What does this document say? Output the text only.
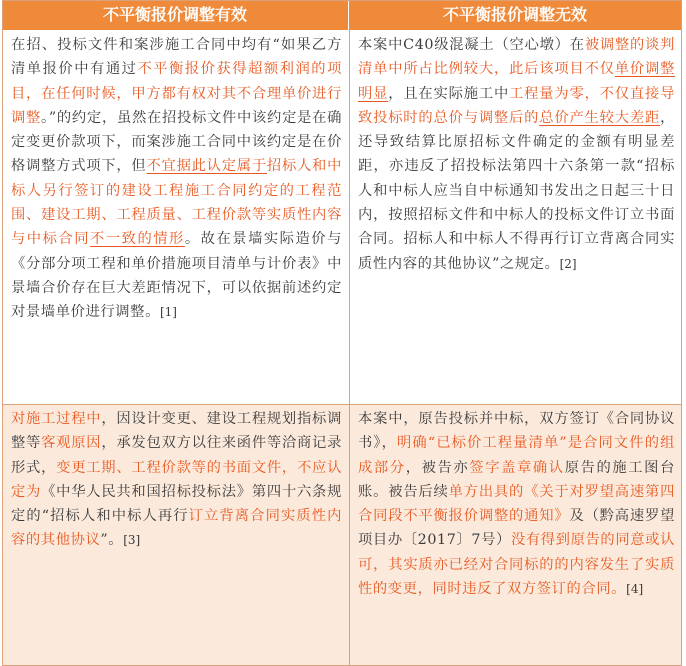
不平衡报价调整有效	不平衡报价调整无效
在招、投标文件和案涉施工合同中均有“如果乙方清单报价中有通过不平衡报价获得超额利润的项目，在任何时候，甲方都有权对其不合理单价进行调整。”的约定，虽然在招投标文件中该约定是在确定变更价款项下，而案涉施工合同中该约定是在价格调整方式项下，但不宜据此认定属于招标人和中标人另行签订的建设工程施工合同约定的工程范围、建设工期、工程质量、工程价款等实质性内容与中标合同不一致的情形。故在景墙实际造价与《分部分项工程和单价措施项目清单与计价表》中景墙合价存在巨大差距情况下，可以依据前述约定对景墙单价进行调整。[1]
本案中C40级混凝土（空心墩）在被调整的谈判清单中所占比例较大，此后该项目不仅单价调整明显，且在实际施工中工程量为零，不仅直接导致投标时的总价与调整后的总价产生较大差距，还导致结算比原招标文件确定的金额有明显差距，亦违反了招投标法第四十六条第一款“招标人和中标人应当自中标通知书发出之日起三十日内，按照招标文件和中标人的投标文件订立书面合同。招标人和中标人不得再行订立背离合同实质性内容的其他协议”之规定。[2]
对施工过程中，因设计变更、建设工程规划指标调整等客观原因，承发包双方以往来函件等洽商记录形式，变更工期、工程价款等的书面文件，不应认定为《中华人民共和国招标投标法》第四十六条规定的“招标人和中标人再行订立背离合同实质性内容的其他协议”。[3]
本案中，原告投标并中标，双方签订《合同协议书》，明确“已标价工程量清单”是合同文件的组成部分，被告亦签字盖章确认原告的施工图台账。被告后续单方出具的《关于对罗望高速第四合同段不平衡报价调整的通知》及（黔高速罗望项目办〔2017〕7号）没有得到原告的同意或认可，其实质亦已经对合同标的的内容发生了实质性的变更，同时违反了双方签订的合同。[4]
